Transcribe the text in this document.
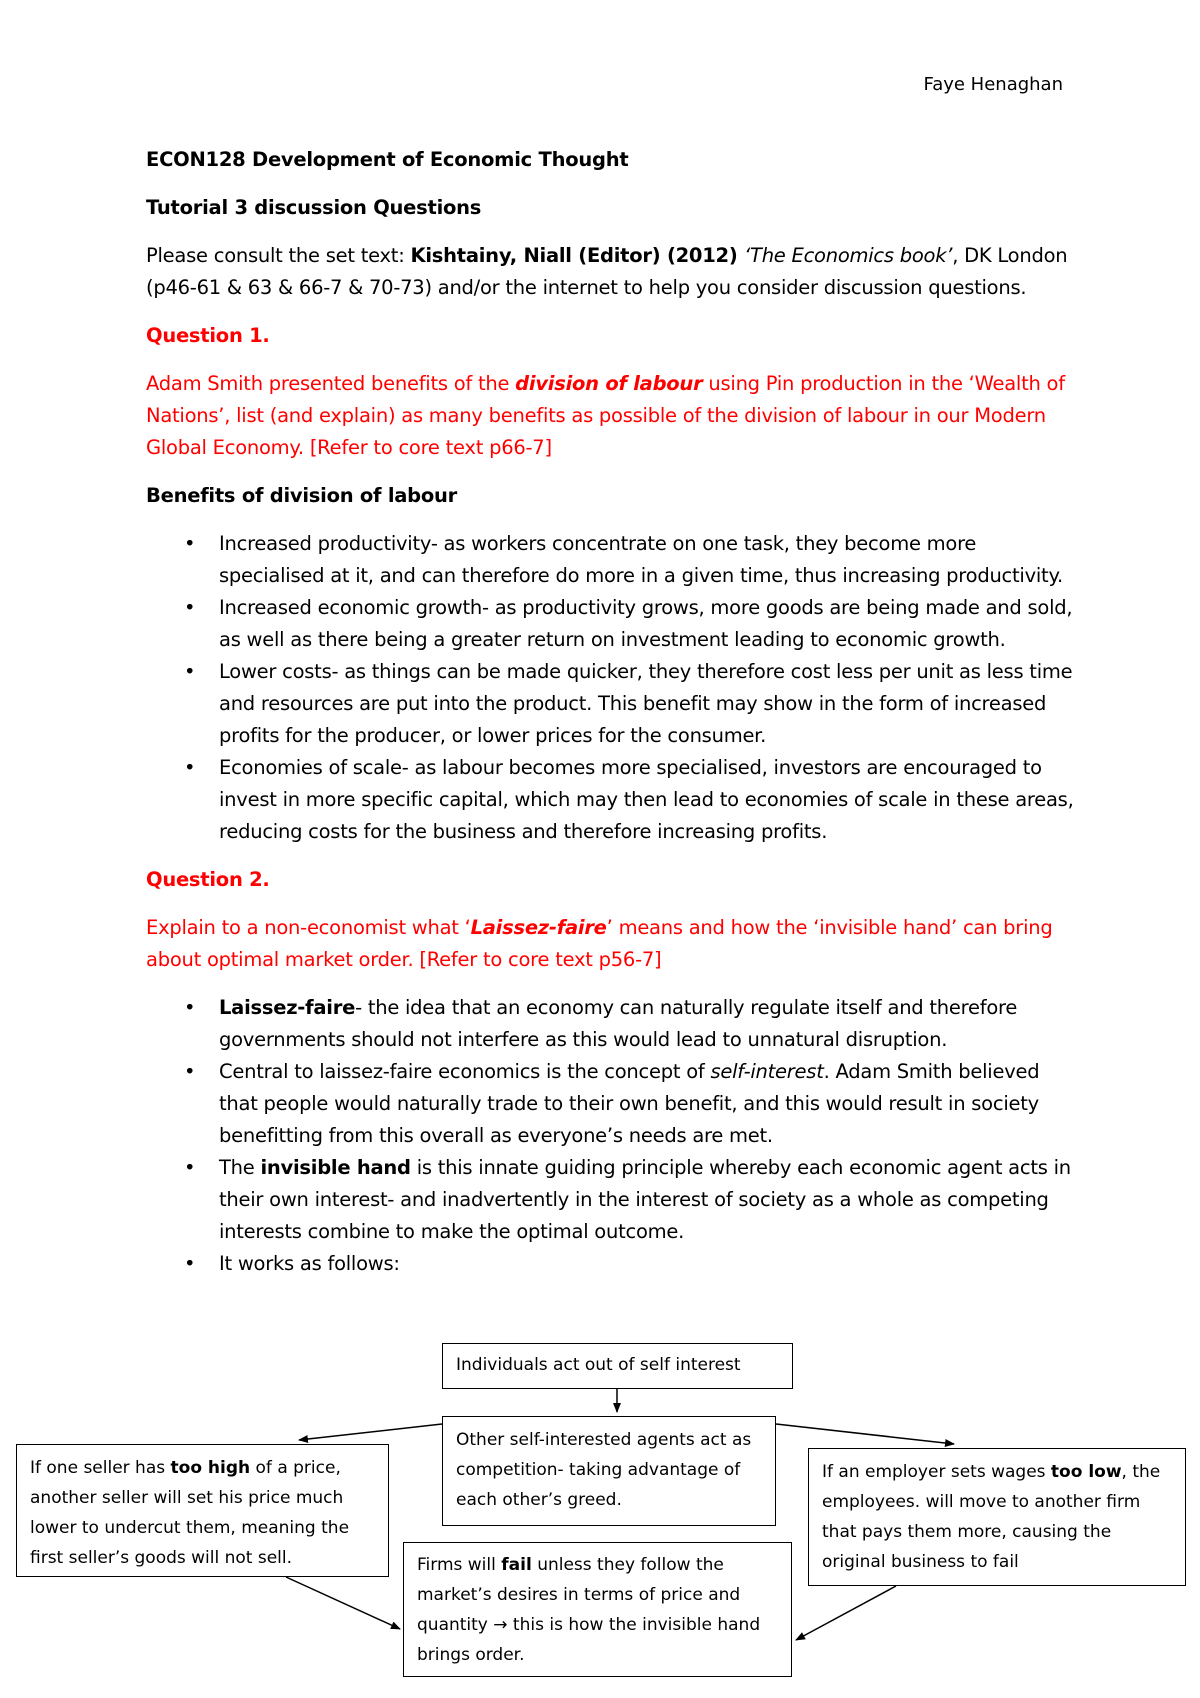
Faye Henaghan

ECON128 Development of Economic Thought

Tutorial 3 discussion Questions

Please consult the set text: Kishtainy, Niall (Editor) (2012) ‘The Economics book’, DK London (p46-61 & 63 & 66-7 & 70-73) and/or the internet to help you consider discussion questions.

Question 1.

Adam Smith presented benefits of the division of labour using Pin production in the ‘Wealth of Nations’, list (and explain) as many benefits as possible of the division of labour in our Modern Global Economy. [Refer to core text p66-7]

Benefits of division of labour

• Increased productivity- as workers concentrate on one task, they become more specialised at it, and can therefore do more in a given time, thus increasing productivity.
• Increased economic growth- as productivity grows, more goods are being made and sold, as well as there being a greater return on investment leading to economic growth.
• Lower costs- as things can be made quicker, they therefore cost less per unit as less time and resources are put into the product. This benefit may show in the form of increased profits for the producer, or lower prices for the consumer.
• Economies of scale- as labour becomes more specialised, investors are encouraged to invest in more specific capital, which may then lead to economies of scale in these areas, reducing costs for the business and therefore increasing profits.

Question 2.

Explain to a non-economist what ‘Laissez-faire’ means and how the ‘invisible hand’ can bring about optimal market order. [Refer to core text p56-7]

• Laissez-faire- the idea that an economy can naturally regulate itself and therefore governments should not interfere as this would lead to unnatural disruption.
• Central to laissez-faire economics is the concept of self-interest. Adam Smith believed that people would naturally trade to their own benefit, and this would result in society benefitting from this overall as everyone’s needs are met.
• The invisible hand is this innate guiding principle whereby each economic agent acts in their own interest- and inadvertently in the interest of society as a whole as competing interests combine to make the optimal outcome.
• It works as follows:
Individuals act out of self interest
If one seller has too high of a price, another seller will set his price much lower to undercut them, meaning the first seller’s goods will not sell.
Other self-interested agents act as competition- taking advantage of each other’s greed.
If an employer sets wages too low, the employees. will move to another firm that pays them more, causing the original business to fail
Firms will fail unless they follow the market’s desires in terms of price and quantity → this is how the invisible hand brings order.
